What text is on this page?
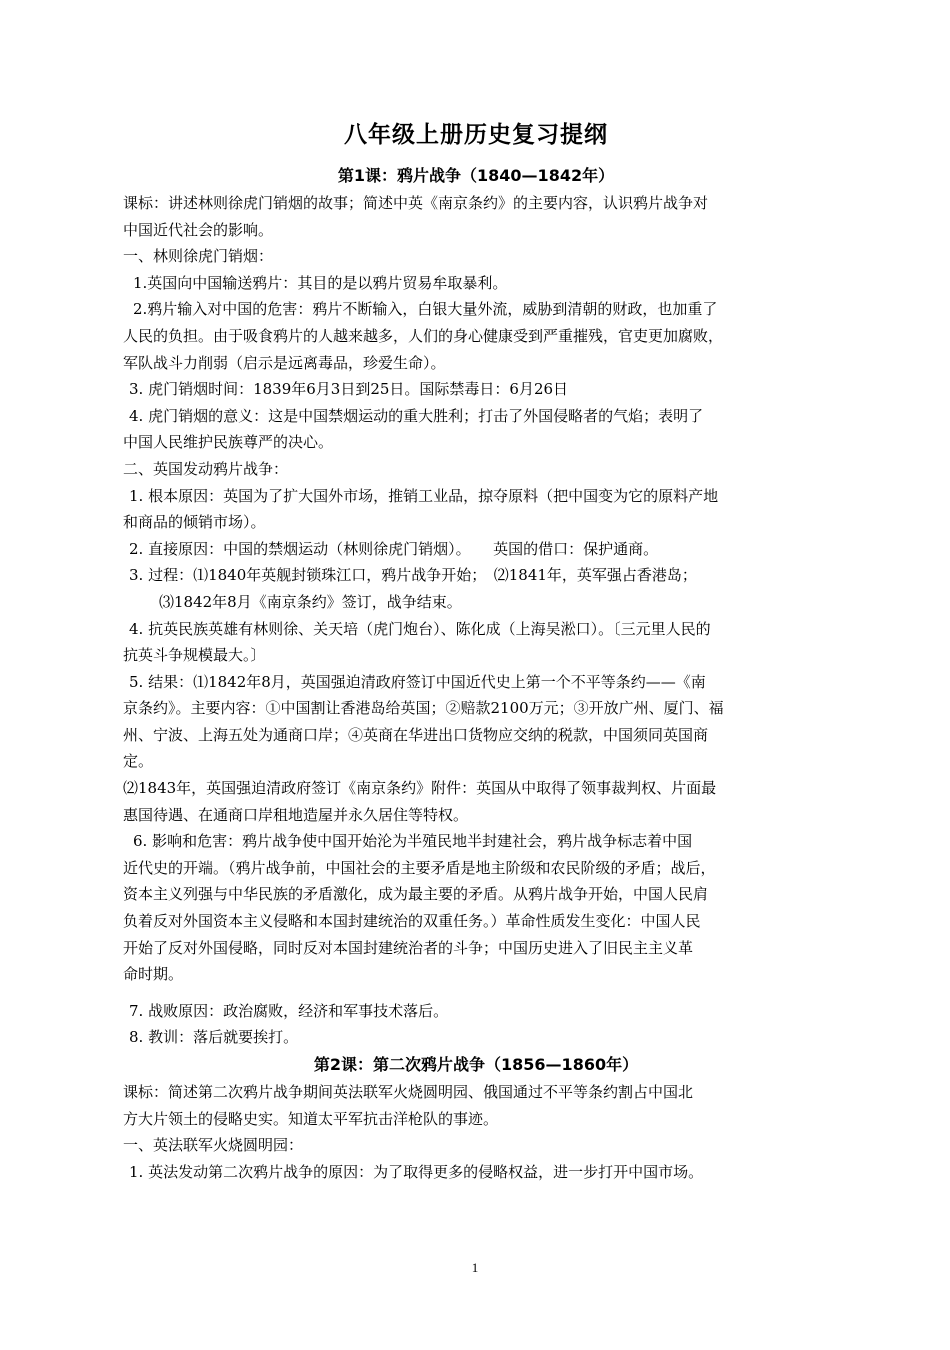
八年级上册历史复习提纲
第1课：鸦片战争（1840—1842年）
课标：讲述林则徐虎门销烟的故事；简述中英《南京条约》的主要内容，认识鸦片战争对
中国近代社会的影响。
一、林则徐虎门销烟：
1.英国向中国输送鸦片：其目的是以鸦片贸易牟取暴利。
2.鸦片输入对中国的危害：鸦片不断输入，白银大量外流，威胁到清朝的财政，也加重了
人民的负担。由于吸食鸦片的人越来越多，人们的身心健康受到严重摧残，官吏更加腐败，
军队战斗力削弱（启示是远离毒品，珍爱生命）。
3. 虎门销烟时间：1839年6月3日到25日。国际禁毒日：6月26日
4. 虎门销烟的意义：这是中国禁烟运动的重大胜利；打击了外国侵略者的气焰；表明了
中国人民维护民族尊严的决心。
二、英国发动鸦片战争：
1. 根本原因：英国为了扩大国外市场，推销工业品，掠夺原料（把中国变为它的原料产地
和商品的倾销市场）。
2. 直接原因：中国的禁烟运动（林则徐虎门销烟）。　　英国的借口：保护通商。
3. 过程：⑴1840年英舰封锁珠江口，鸦片战争开始；　⑵1841年，英军强占香港岛；
　　⑶1842年8月《南京条约》签订，战争结束。
4. 抗英民族英雄有林则徐、关天培（虎门炮台）、陈化成（上海吴淞口）。〔三元里人民的
抗英斗争规模最大。〕
5. 结果：⑴1842年8月，英国强迫清政府签订中国近代史上第一个不平等条约——《南
京条约》。主要内容：①中国割让香港岛给英国；②赔款2100万元；③开放广州、厦门、福
州、宁波、上海五处为通商口岸；④英商在华进出口货物应交纳的税款，中国须同英国商
定。
⑵1843年，英国强迫清政府签订《南京条约》附件：英国从中取得了领事裁判权、片面最
惠国待遇、在通商口岸租地造屋并永久居住等特权。
6. 影响和危害：鸦片战争使中国开始沦为半殖民地半封建社会，鸦片战争标志着中国
近代史的开端。（鸦片战争前，中国社会的主要矛盾是地主阶级和农民阶级的矛盾；战后，
资本主义列强与中华民族的矛盾激化，成为最主要的矛盾。从鸦片战争开始，中国人民肩
负着反对外国资本主义侵略和本国封建统治的双重任务。）革命性质发生变化：中国人民
开始了反对外国侵略，同时反对本国封建统治者的斗争；中国历史进入了旧民主主义革
命时期。
7. 战败原因：政治腐败，经济和军事技术落后。
8. 教训：落后就要挨打。
第2课：第二次鸦片战争（1856—1860年）
课标：简述第二次鸦片战争期间英法联军火烧圆明园、俄国通过不平等条约割占中国北
方大片领土的侵略史实。知道太平军抗击洋枪队的事迹。
一、英法联军火烧圆明园：
1. 英法发动第二次鸦片战争的原因：为了取得更多的侵略权益，进一步打开中国市场。
1
